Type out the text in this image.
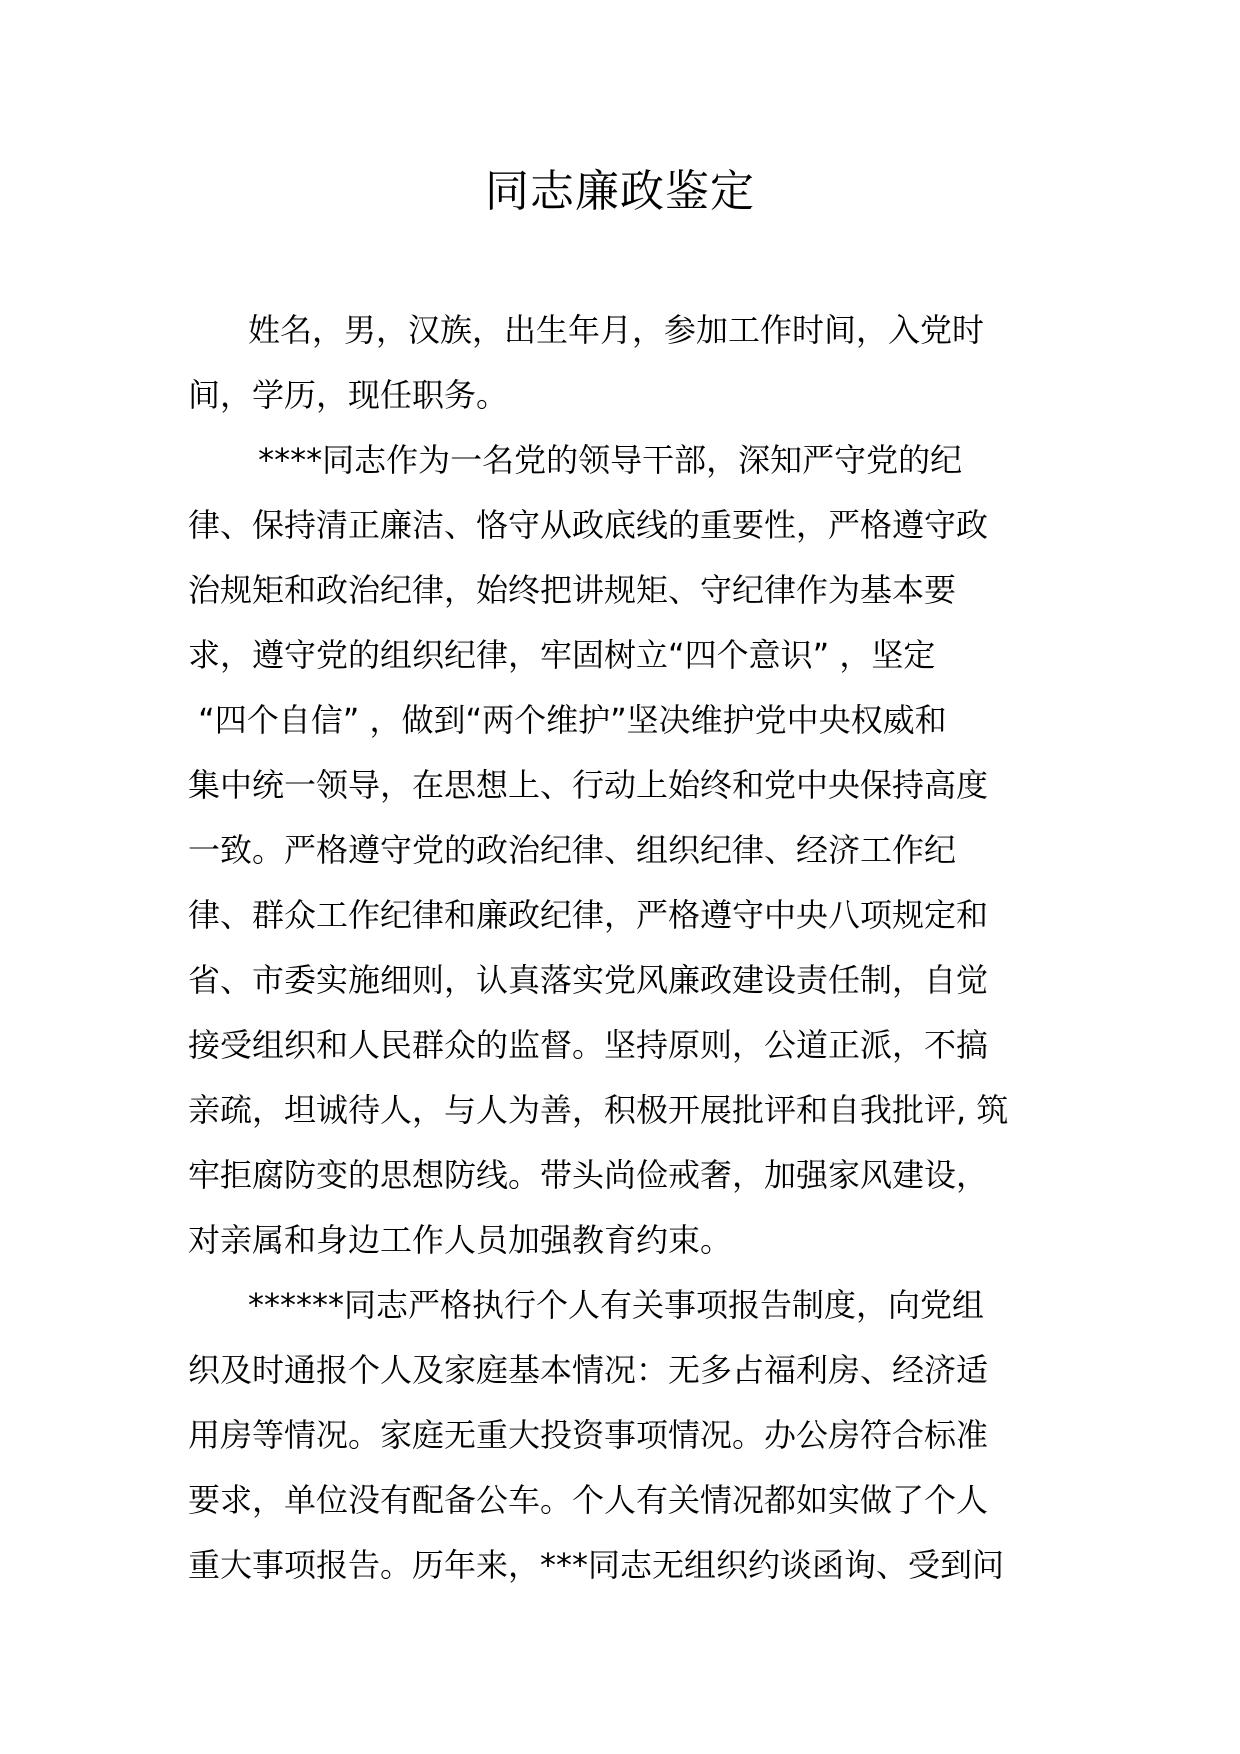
同志廉政鉴定
姓名，男，汉族，出生年月，参加工作时间，入党时
间，学历，现任职务。
****同志作为一名党的领导干部，深知严守党的纪
律、保持清正廉洁、恪守从政底线的重要性，严格遵守政
治规矩和政治纪律，始终把讲规矩、守纪律作为基本要
求，遵守党的组织纪律，牢固树立“四个意识” ，坚定
“四个自信” ，做到“两个维护”坚决维护党中央权威和
集中统一领导，在思想上、行动上始终和党中央保持高度
一致。严格遵守党的政治纪律、组织纪律、经济工作纪
律、群众工作纪律和廉政纪律，严格遵守中央八项规定和
省、市委实施细则，认真落实党风廉政建设责任制，自觉
接受组织和人民群众的监督。坚持原则，公道正派，不搞
亲疏，坦诚待人，与人为善，积极开展批评和自我批评, 筑
牢拒腐防变的思想防线。带头尚俭戒奢，加强家风建设，
对亲属和身边工作人员加强教育约束。
******同志严格执行个人有关事项报告制度，向党组
织及时通报个人及家庭基本情况：无多占福利房、经济适
用房等情况。家庭无重大投资事项情况。办公房符合标准
要求，单位没有配备公车。个人有关情况都如实做了个人
重大事项报告。历年来，***同志无组织约谈函询、受到问
